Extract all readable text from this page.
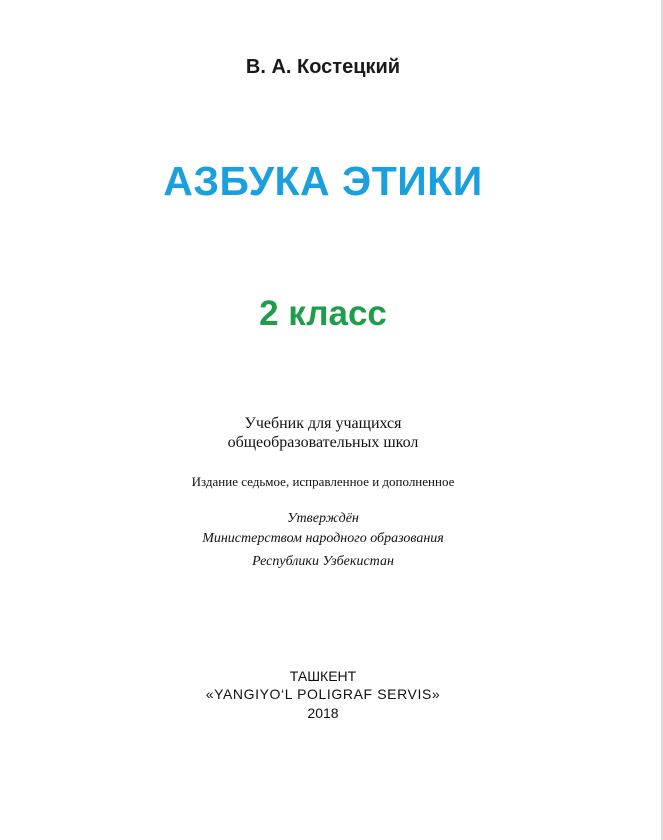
В. А. Костецкий
АЗБУКА ЭТИКИ
2 класс
Учебник для учащихся
общеобразовательных школ
Издание седьмое, исправленное и дополненное
Утверждён
Министерством народного образования
Республики Узбекистан
ТАШКЕНТ
«YANGIYO‘L POLIGRAF SERVIS»
2018
